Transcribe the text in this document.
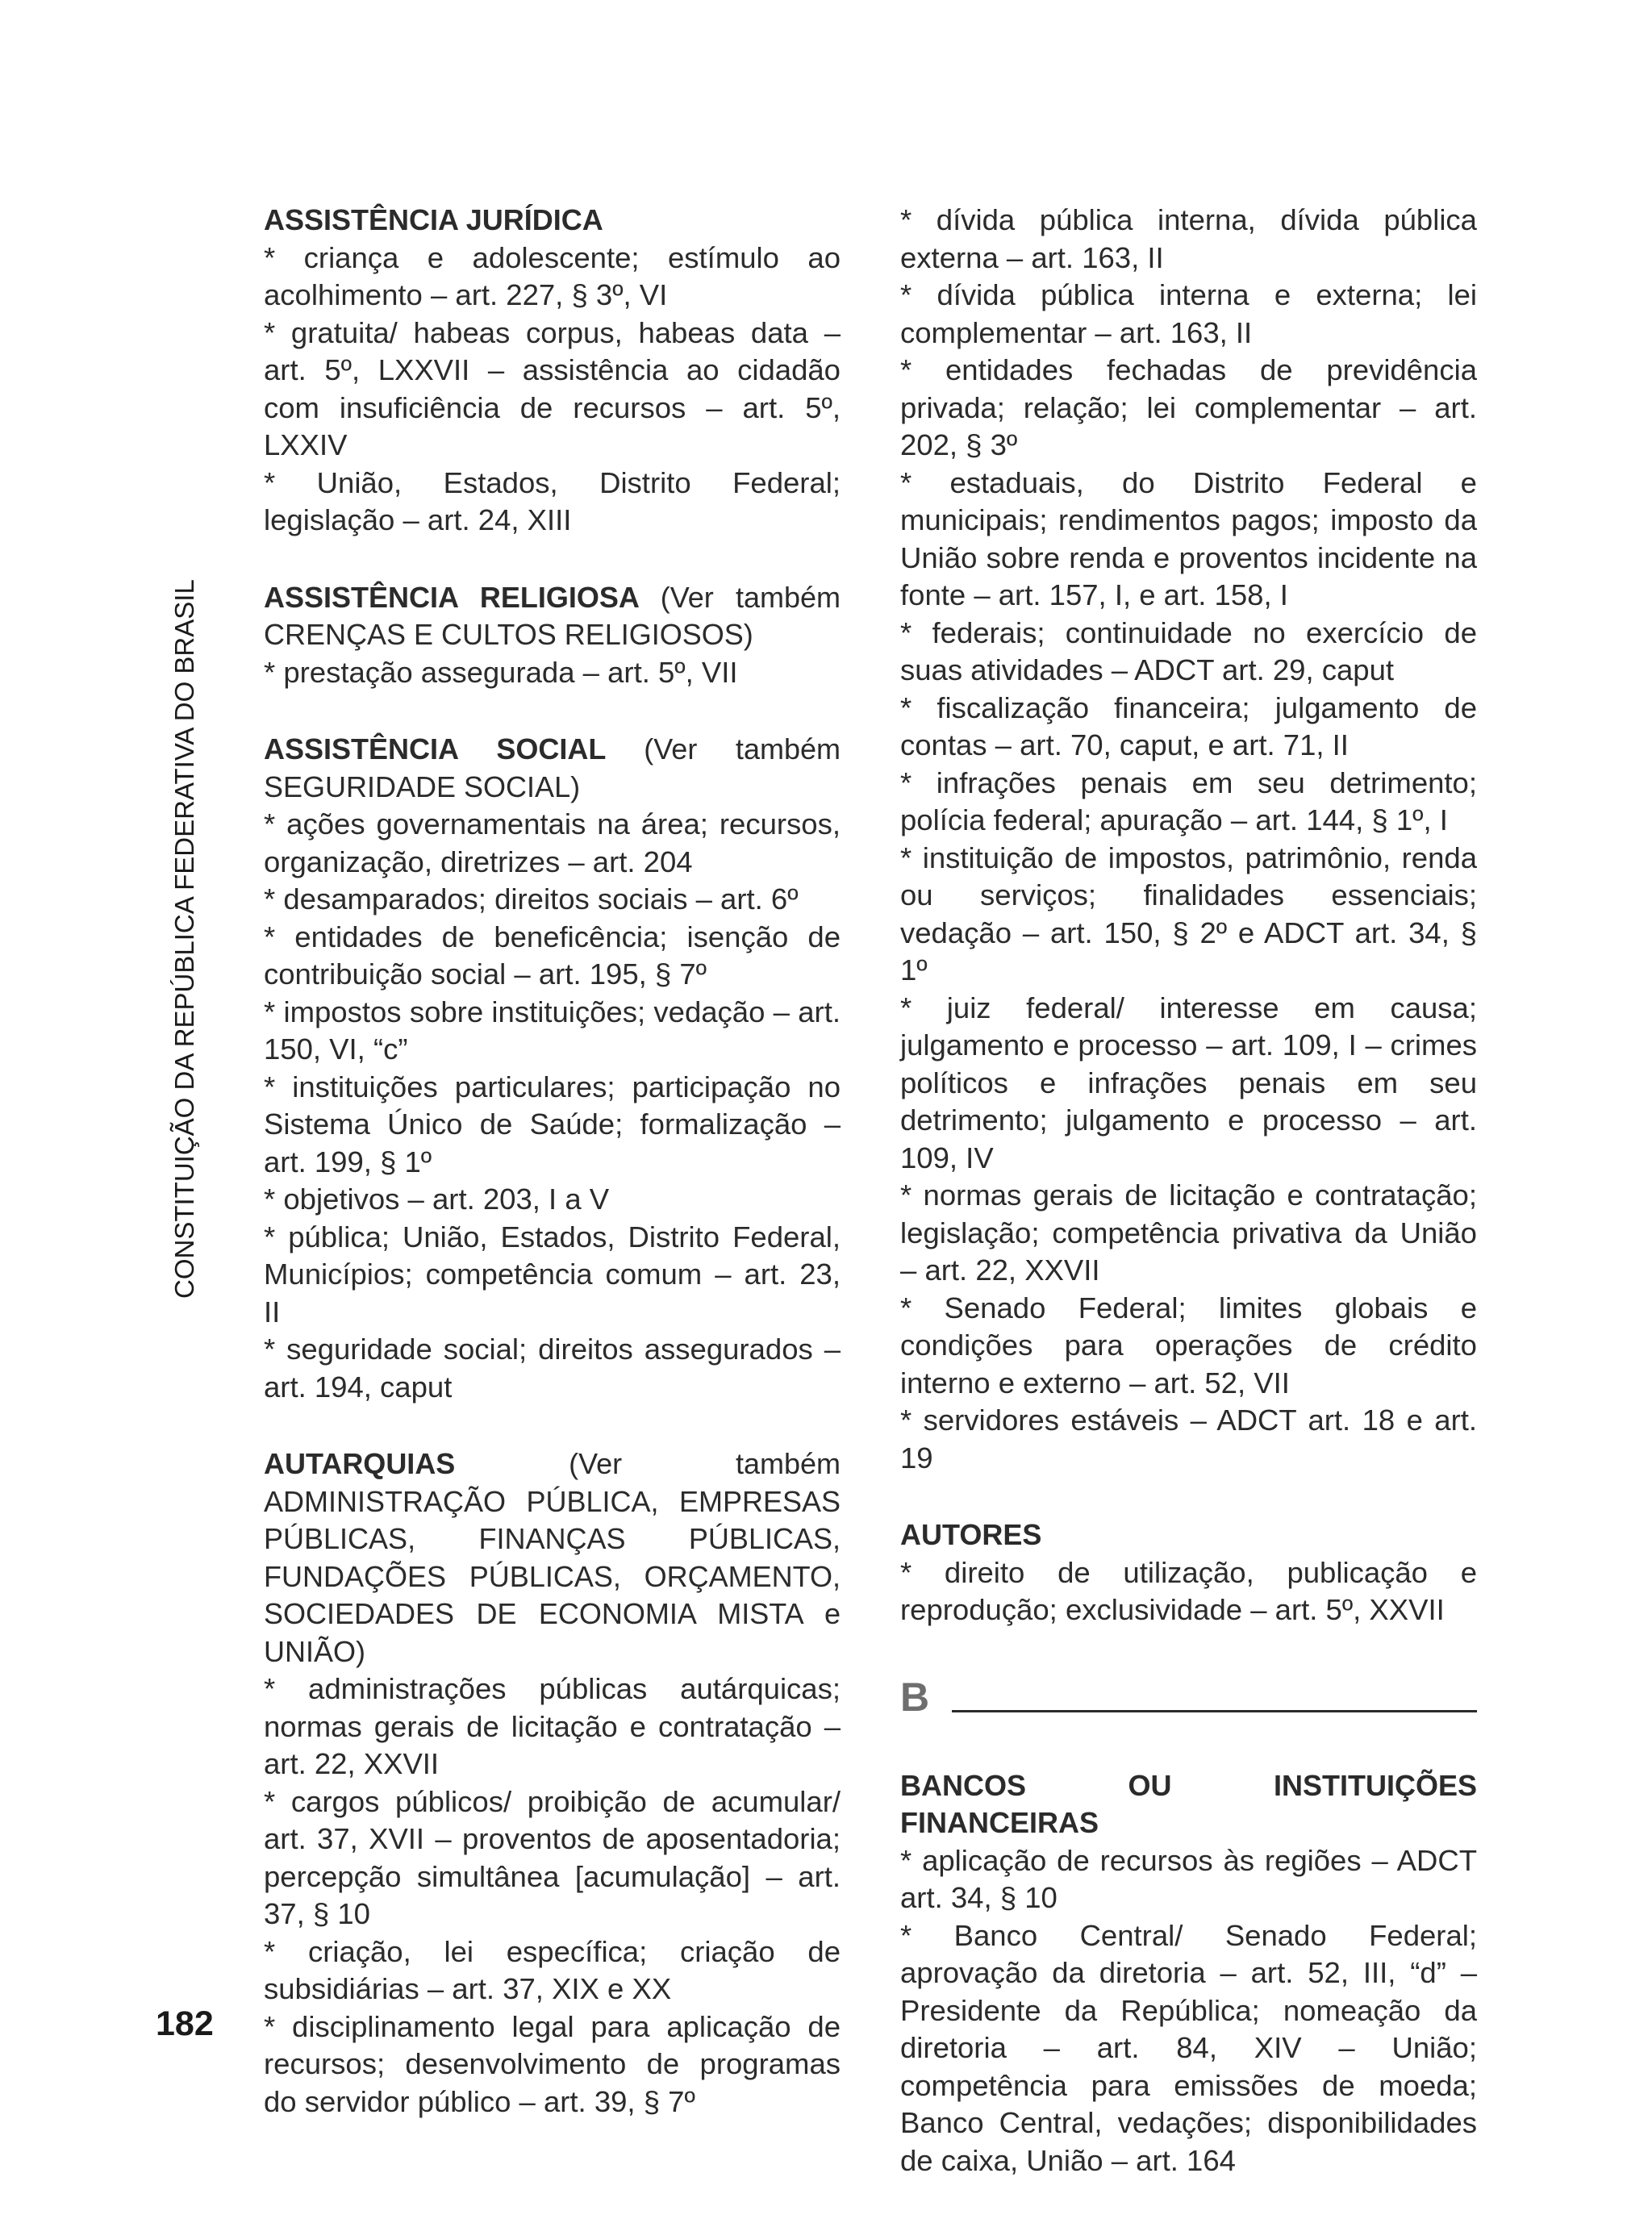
CONSTITUIÇÃO DA REPÚBLICA FEDERATIVA DO BRASIL
182

ASSISTÊNCIA JURÍDICA

* criança e adolescente; estímulo ao acolhimento – art. 227, § 3º, VI

* gratuita/ habeas corpus, habeas data – art. 5º, LXXVII – assistência ao cidadão com insuficiência de recursos – art. 5º, LXXIV

* União, Estados, Distrito Federal; legislação – art. 24, XIII

ASSISTÊNCIA RELIGIOSA (Ver também CRENÇAS E CULTOS RELIGIOSOS)

* prestação assegurada – art. 5º, VII

ASSISTÊNCIA SOCIAL (Ver também SEGURIDADE SOCIAL)

* ações governamentais na área; recursos, organização, diretrizes – art. 204

* desamparados; direitos sociais – art. 6º

* entidades de beneficência; isenção de contribuição social – art. 195, § 7º

* impostos sobre instituições; vedação – art. 150, VI, “c”

* instituições particulares; participação no Sistema Único de Saúde; formalização – art. 199, § 1º

* objetivos – art. 203, I a V

* pública; União, Estados, Distrito Federal, Municípios; competência comum – art. 23, II

* seguridade social; direitos assegurados – art. 194, caput

AUTARQUIAS	(Ver também ADMINISTRAÇÃO PÚBLICA, EMPRESAS PÚBLICAS, FINANÇAS PÚBLICAS, FUNDAÇÕES PÚBLICAS, ORÇAMENTO, SOCIEDADES DE ECONOMIA MISTA e UNIÃO)

* administrações públicas autárquicas; normas gerais de licitação e contratação – art. 22, XXVII

* cargos públicos/ proibição de acumular/ art. 37, XVII – proventos de aposentadoria; percepção simultânea [acumulação] – art. 37, § 10

* criação, lei específica; criação de subsidiárias – art. 37, XIX e XX

* disciplinamento legal para aplicação de recursos; desenvolvimento de programas do servidor público – art. 39, § 7º

* dívida pública interna, dívida pública externa – art. 163, II

* dívida pública interna e externa; lei complementar – art. 163, II

* entidades fechadas de previdência privada; relação; lei complementar – art. 202, § 3º

* estaduais, do Distrito Federal e municipais; rendimentos pagos; imposto da União sobre renda e proventos incidente na fonte – art. 157, I, e art. 158, I

* federais; continuidade no exercício de suas atividades – ADCT art. 29, caput

* fiscalização financeira; julgamento de contas – art. 70, caput, e art. 71, II

* infrações penais em seu detrimento; polícia federal; apuração – art. 144, § 1º, I

* instituição de impostos, patrimônio, renda ou serviços; finalidades essenciais; vedação – art. 150, § 2º e ADCT art. 34, § 1º

* juiz federal/ interesse em causa; julgamento e processo – art. 109, I – crimes políticos e infrações penais em seu detrimento; julgamento e processo – art. 109, IV

* normas gerais de licitação e contratação; legislação; competência privativa da União – art. 22, XXVII

* Senado Federal; limites globais e condições para operações de crédito interno e externo – art. 52, VII

* servidores estáveis – ADCT art. 18 e art. 19

AUTORES

* direito de utilização, publicação e reprodução; exclusividade – art. 5º, XXVII

B

BANCOS OU INSTITUIÇÕES FINANCEIRAS

* aplicação de recursos às regiões – ADCT art. 34, § 10

* Banco Central/ Senado Federal; aprovação da diretoria – art. 52, III, “d” – Presidente da República; nomeação da diretoria – art. 84, XIV – União; competência para emissões de moeda; Banco Central, vedações; disponibilidades de caixa, União – art. 164
